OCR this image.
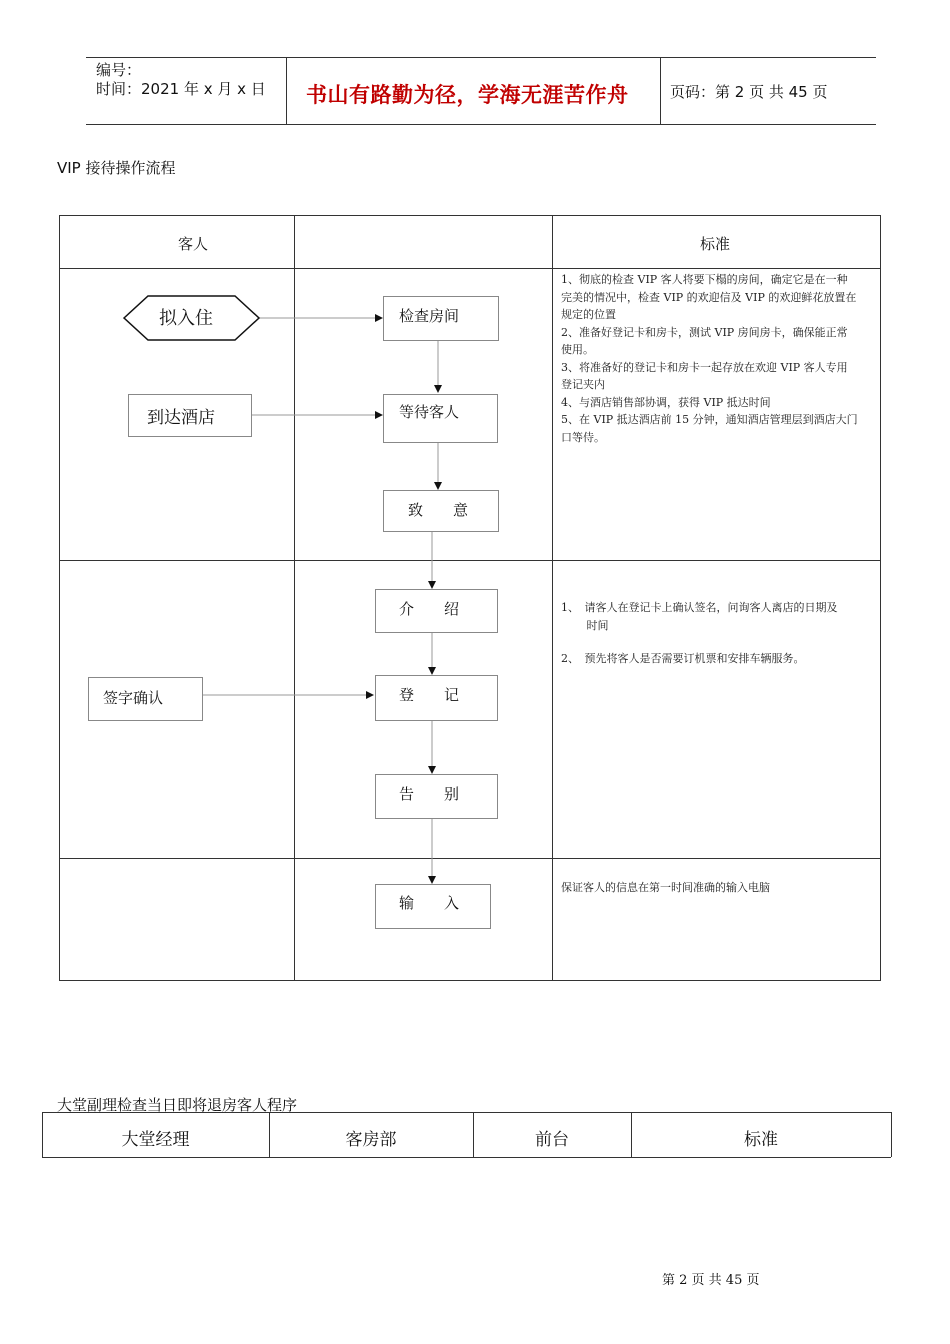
编号：
时间：2021 年 x 月 x 日 书山有路勤为径，学海无涯苦作舟	页码：第 2 页 共 45 页
VIP 接待操作流程
客人	标准
拟入住
到达酒店
检查房间
等待客人
致　　意
介　　绍
签字确认	登　　记
告　　别
输　　入

1、彻底的检查 VIP 客人将要下榻的房间，确定它是在一种

完美的情况中，检查 VIP 的欢迎信及 VIP 的欢迎鲜花放置在

规定的位置

2、准备好登记卡和房卡，测试 VIP 房间房卡，确保能正常

使用。

3、将准备好的登记卡和房卡一起存放在欢迎 VIP 客人专用

登记夹内

4、与酒店销售部协调，获得 VIP 抵达时间

5、在 VIP 抵达酒店前 15 分钟，通知酒店管理层到酒店大门

口等侍。

1、　请客人在登记卡上确认签名，问询客人离店的日期及

　　 时间

2、　预先将客人是否需要订机票和安排车辆服务。

保证客人的信息在第一时间准确的输入电脑

大堂副理检查当日即将退房客人程序
大堂经理	客房部	前台	标准
第 2 页 共 45 页
